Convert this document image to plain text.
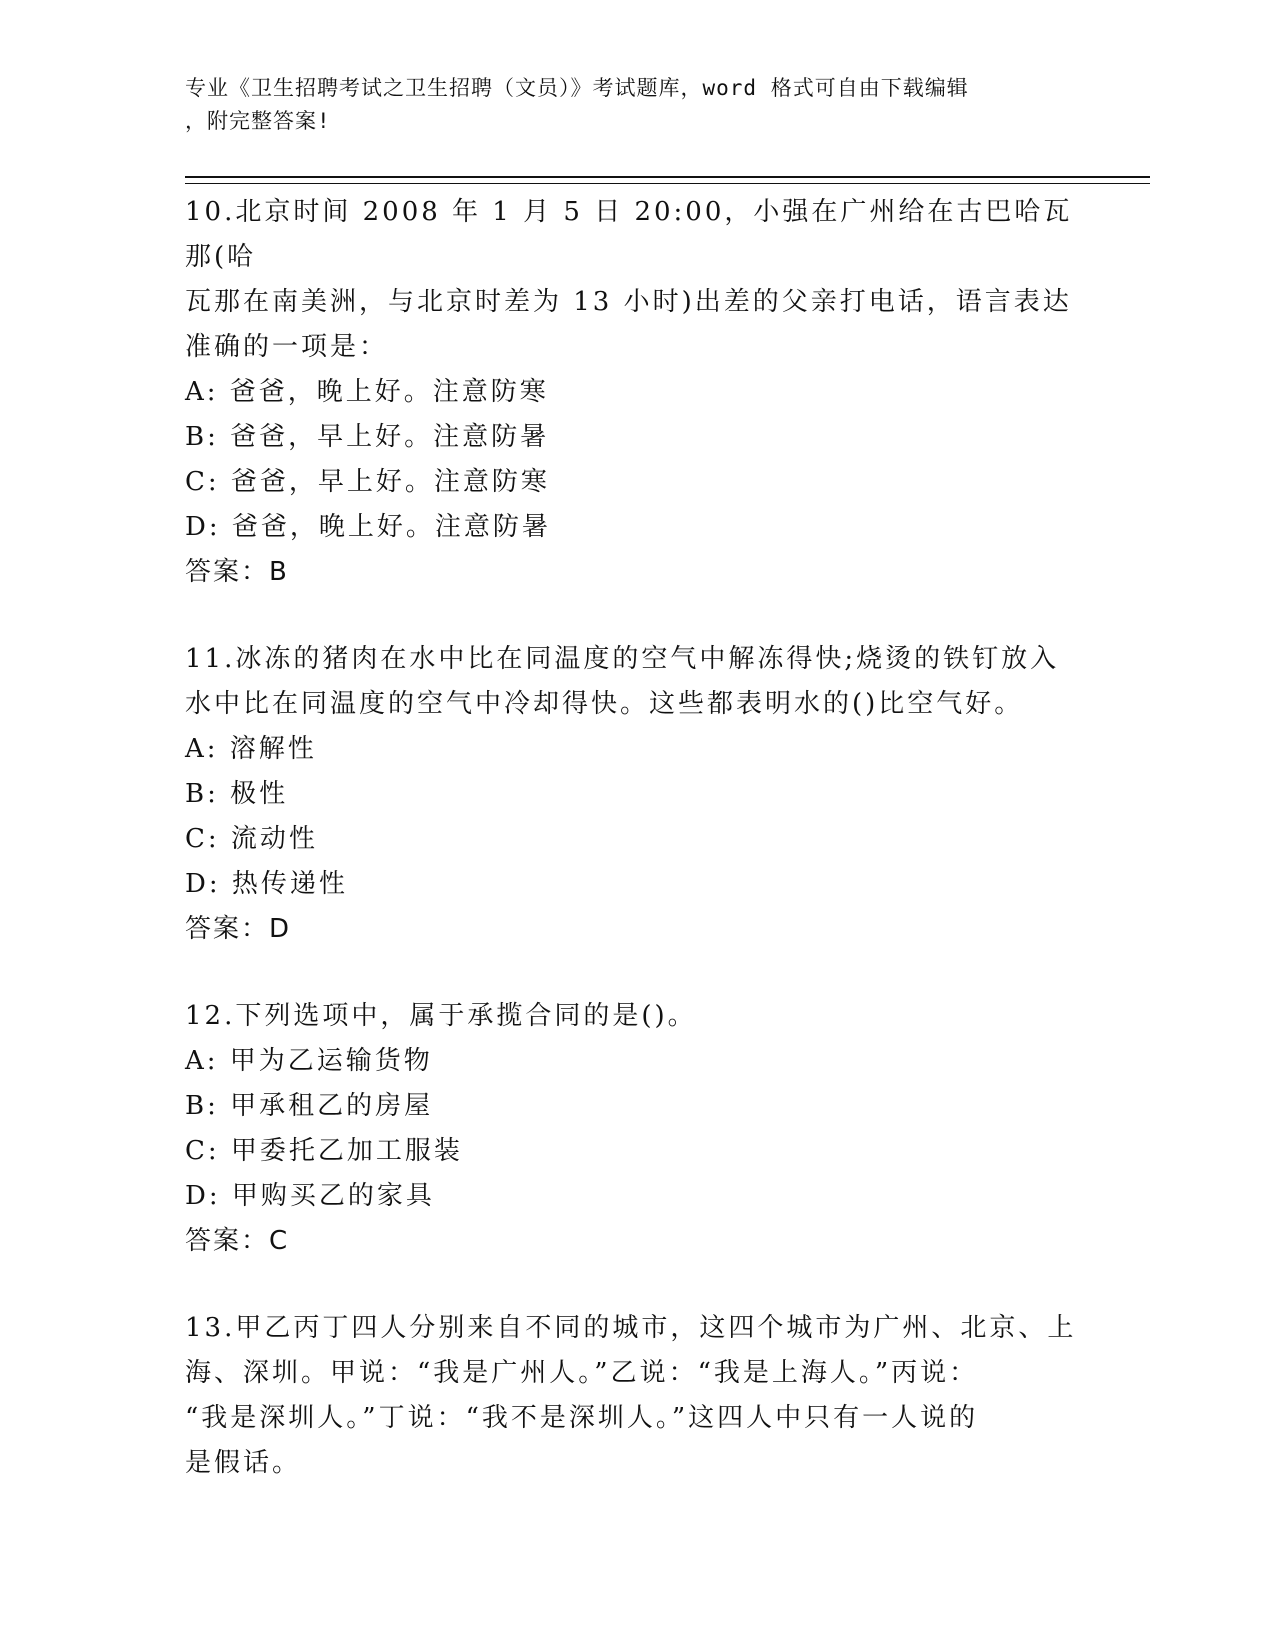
专业《卫生招聘考试之卫生招聘（文员）》考试题库，word 格式可自由下载编辑
，附完整答案!
10.北京时间 2008 年 1 月 5 日 20:00，小强在广州给在古巴哈瓦那(哈
瓦那在南美洲，与北京时差为 13 小时)出差的父亲打电话，语言表达
准确的一项是：
A: 爸爸，晚上好。注意防寒
B: 爸爸，早上好。注意防暑
C: 爸爸，早上好。注意防寒
D: 爸爸，晚上好。注意防暑
答案：B
11.冰冻的猪肉在水中比在同温度的空气中解冻得快;烧烫的铁钉放入
水中比在同温度的空气中冷却得快。这些都表明水的()比空气好。
A: 溶解性
B: 极性
C: 流动性
D: 热传递性
答案：D
12.下列选项中，属于承揽合同的是()。
A: 甲为乙运输货物
B: 甲承租乙的房屋
C: 甲委托乙加工服装
D: 甲购买乙的家具
答案：C
13.甲乙丙丁四人分别来自不同的城市，这四个城市为广州、北京、上
海、深圳。甲说：“我是广州人。”乙说：“我是上海人。”丙说：
“我是深圳人。”丁说：“我不是深圳人。”这四人中只有一人说的
是假话。
